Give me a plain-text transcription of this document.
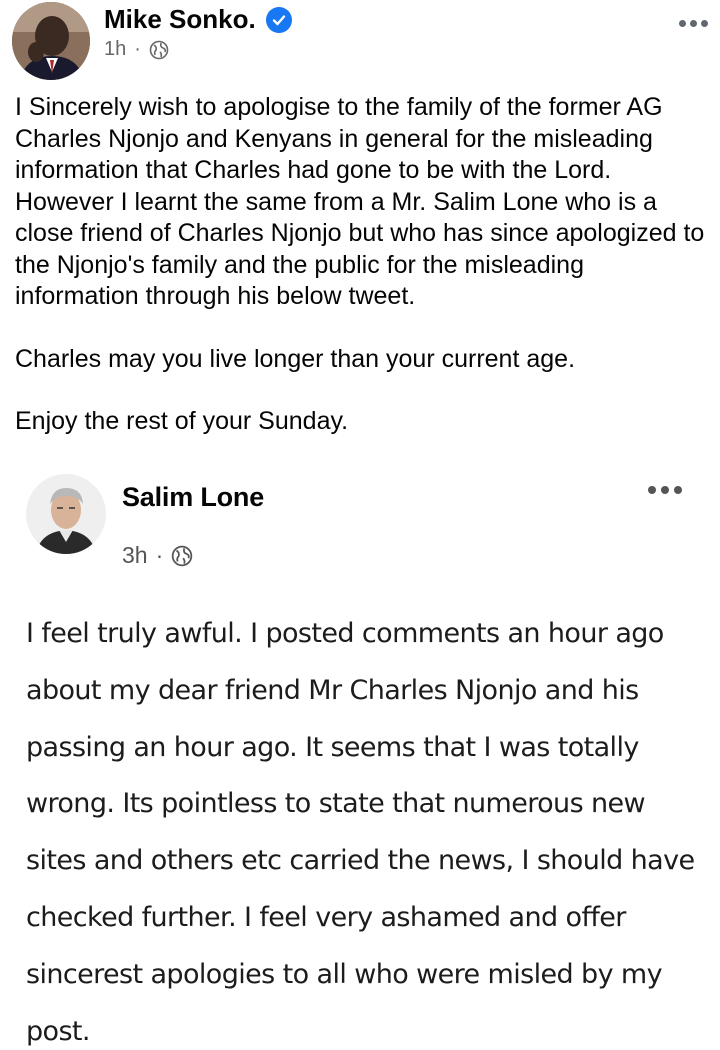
Mike Sonko.
1h ·

I Sincerely wish to apologise to the family of the former AG Charles Njonjo and Kenyans in general for the misleading information that Charles had gone to be with the Lord. However I learnt the same from a Mr. Salim Lone who is a close friend of Charles Njonjo but who has since apologized to the Njonjo's family and the public for the misleading information through his below tweet.

Charles may you live longer than your current age.

Enjoy the rest of your Sunday.

Salim Lone
3h ·
I feel truly awful. I posted comments an hour ago about my dear friend Mr Charles Njonjo and his passing an hour ago. It seems that I was totally wrong. Its pointless to state that numerous new sites and others etc carried the news, I should have checked further. I feel very ashamed and offer sincerest apologies to all who were misled by my post.
